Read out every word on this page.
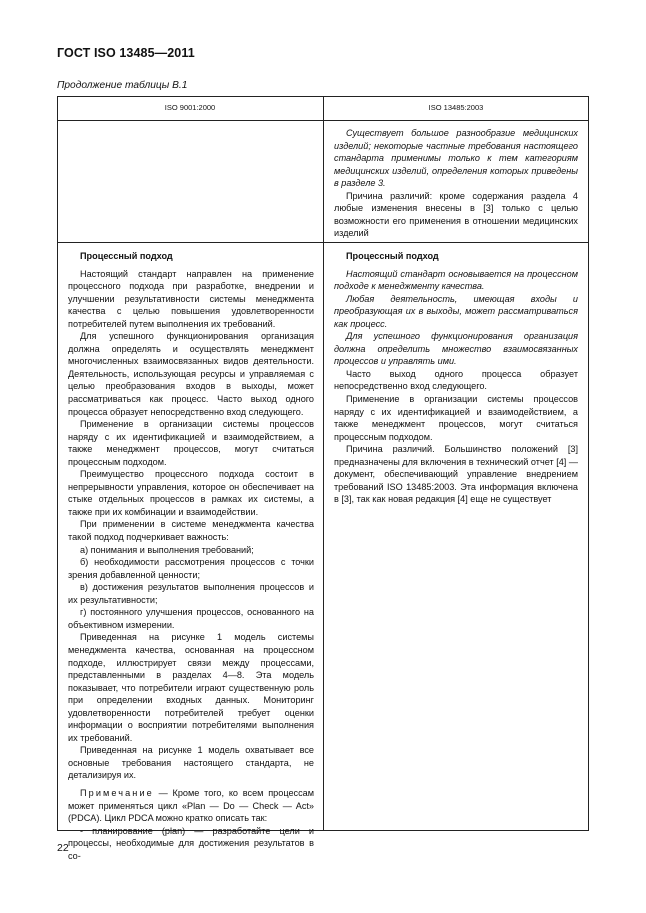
ГОСТ ISO 13485—2011
Продолжение таблицы В.1
ISO 9001:2000	ISO 13485:2003

Существует большое разнообразие медицинских изделий; некоторые частные требования настоящего стандарта применимы только к тем категориям медицинских изделий, определения которых приведены в разделе 3.

Причина различий: кроме содержания раздела 4 любые изменения внесены в [3] только с целью возможности его применения в отношении медицинских изделий

Процессный подход

Настоящий стандарт направлен на применение процессного подхода при разработке, внедрении и улучшении результативности системы менеджмента качества с целью повышения удовлетворенности потребителей путем выполнения их требований.

Для успешного функционирования организация должна определять и осуществлять менеджмент многочисленных взаимосвязанных видов деятельности. Деятельность, использующая ресурсы и управляемая с целью преобразования входов в выходы, может рассматриваться как процесс. Часто выход одного процесса образует непосредственно вход следующего.

Применение в организации системы процессов наряду с их идентификацией и взаимодействием, а также менеджмент процессов, могут считаться процессным подходом.

Преимущество процессного подхода состоит в непрерывности управления, которое он обеспечивает на стыке отдельных процессов в рамках их системы, а также при их комбинации и взаимодействии.

При применении в системе менеджмента качества такой подход подчеркивает важность:

а) понимания и выполнения требований;

б) необходимости рассмотрения процессов с точки зрения добавленной ценности;

в) достижения результатов выполнения процессов и их результативности;

г) постоянного улучшения процессов, основанного на объективном измерении.

Приведенная на рисунке 1 модель системы менеджмента качества, основанная на процессном подходе, иллюстрирует связи между процессами, представленными в разделах 4—8. Эта модель показывает, что потребители играют существенную роль при определении входных данных. Мониторинг удовлетворенности потребителей требует оценки информации о восприятии потребителями выполнения их требований.

Приведенная на рисунке 1 модель охватывает все основные требования настоящего стандарта, не детализируя их.

Примечание — Кроме того, ко всем процессам может применяться цикл «Plan — Do — Check — Act» (PDCA). Цикл PDCA можно кратко описать так:

- планирование (plan) — разработайте цели и процессы, необходимые для достижения результатов в со-

Процессный подход

Настоящий стандарт основывается на процессном подходе к менеджменту качества.

Любая деятельность, имеющая входы и преобразующая их в выходы, может рассматриваться как процесс.

Для успешного функционирования организация должна определить множество взаимосвязанных процессов и управлять ими.

Часто выход одного процесса образует непосредственно вход следующего.

Применение в организации системы процессов наряду с их идентификацией и взаимодействием, а также менеджмент процессов, могут считаться процессным подходом.

Причина различий. Большинство положений [3] предназначены для включения в технический отчет [4] — документ, обеспечивающий управление внедрением требований ISO 13485:2003. Эта информация включена в [3], так как новая редакция [4] еще не существует

22
